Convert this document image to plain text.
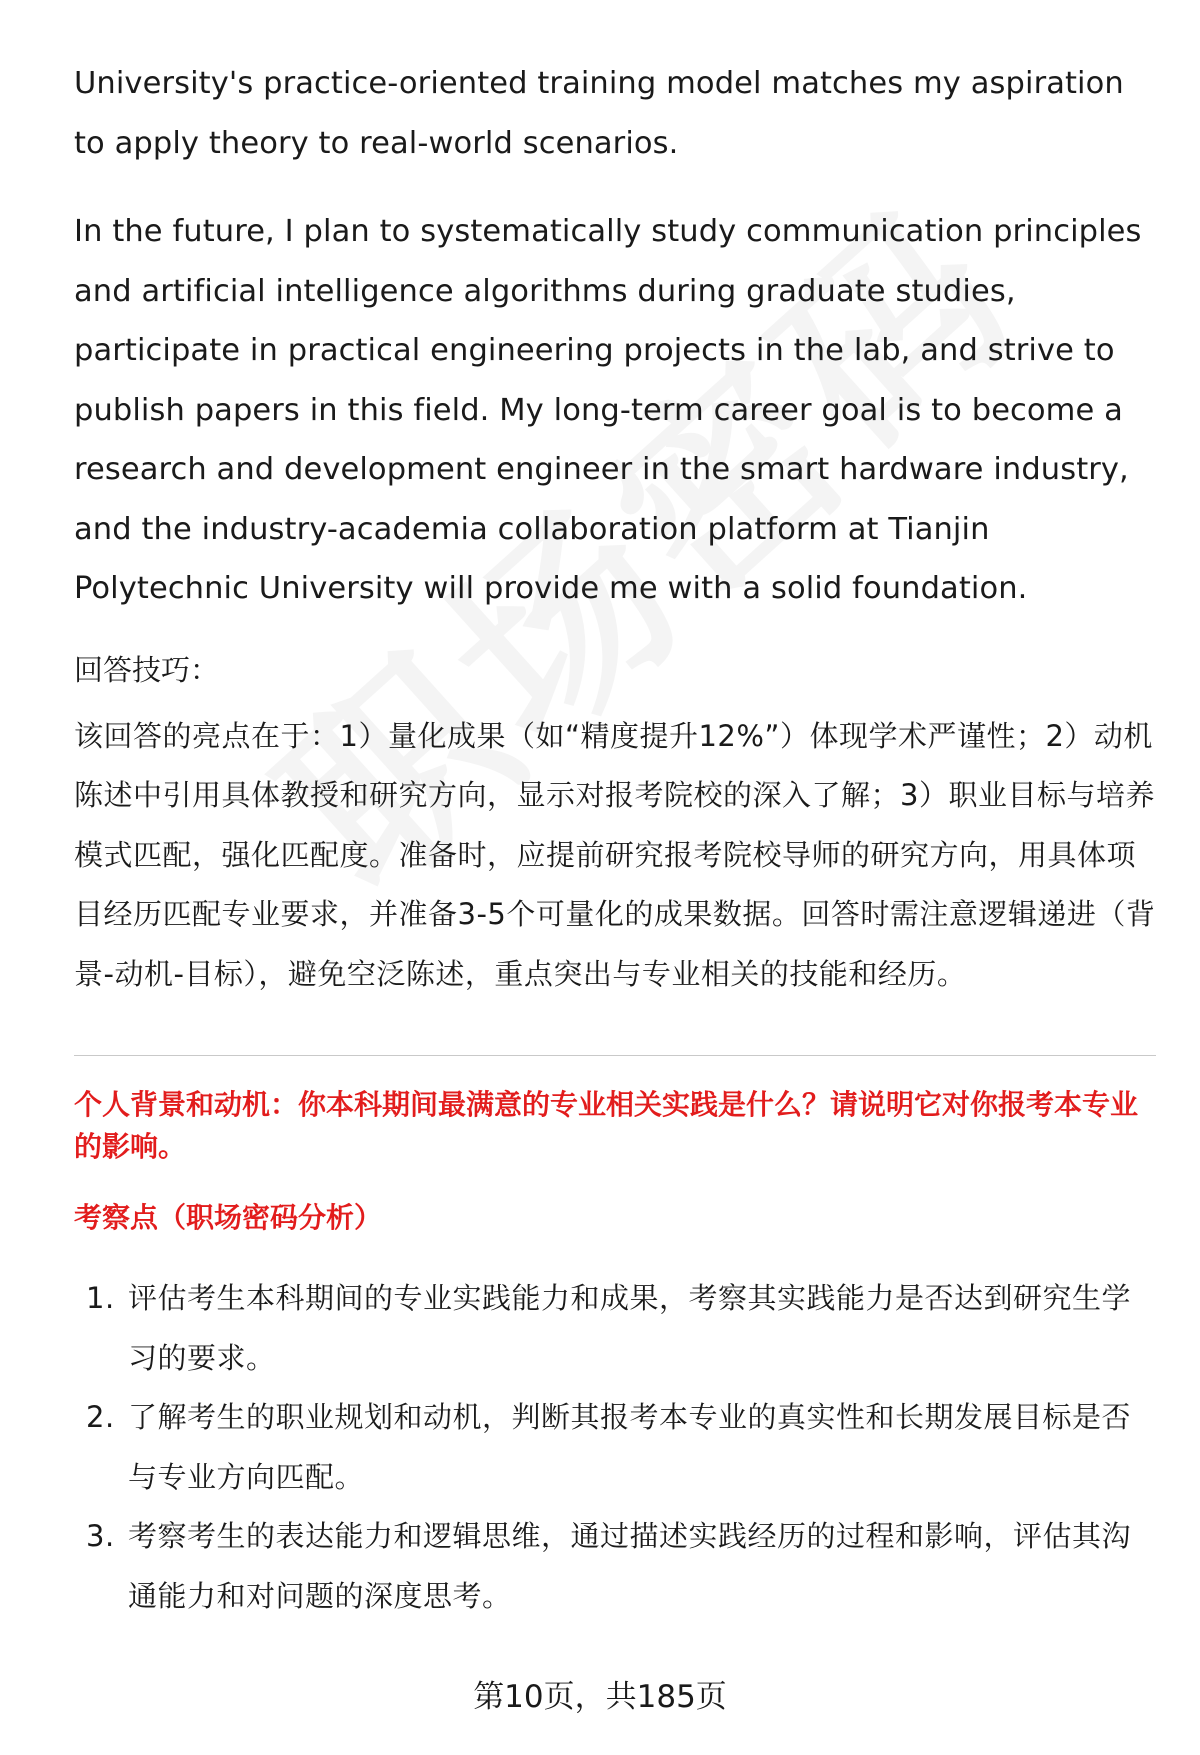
University's practice-oriented training model matches my aspiration to apply theory to real-world scenarios.

In the future, I plan to systematically study communication principles and artificial intelligence algorithms during graduate studies, participate in practical engineering projects in the lab, and strive to publish papers in this field. My long-term career goal is to become a research and development engineer in the smart hardware industry, and the industry-academia collaboration platform at Tianjin Polytechnic University will provide me with a solid foundation.

回答技巧：

该回答的亮点在于：1）量化成果（如“精度提升12%”）体现学术严谨性；2）动机陈述中引用具体教授和研究方向，显示对报考院校的深入了解；3）职业目标与培养模式匹配，强化匹配度。准备时，应提前研究报考院校导师的研究方向，用具体项目经历匹配专业要求，并准备3-5个可量化的成果数据。回答时需注意逻辑递进（背景-动机-目标），避免空泛陈述，重点突出与专业相关的技能和经历。

个人背景和动机：你本科期间最满意的专业相关实践是什么？请说明它对你报考本专业的影响。

考察点（职场密码分析）

1. 评估考生本科期间的专业实践能力和成果，考察其实践能力是否达到研究生学习的要求。
2. 了解考生的职业规划和动机，判断其报考本专业的真实性和长期发展目标是否与专业方向匹配。
3. 考察考生的表达能力和逻辑思维，通过描述实践经历的过程和影响，评估其沟通能力和对问题的深度思考。
第10页，共185页
